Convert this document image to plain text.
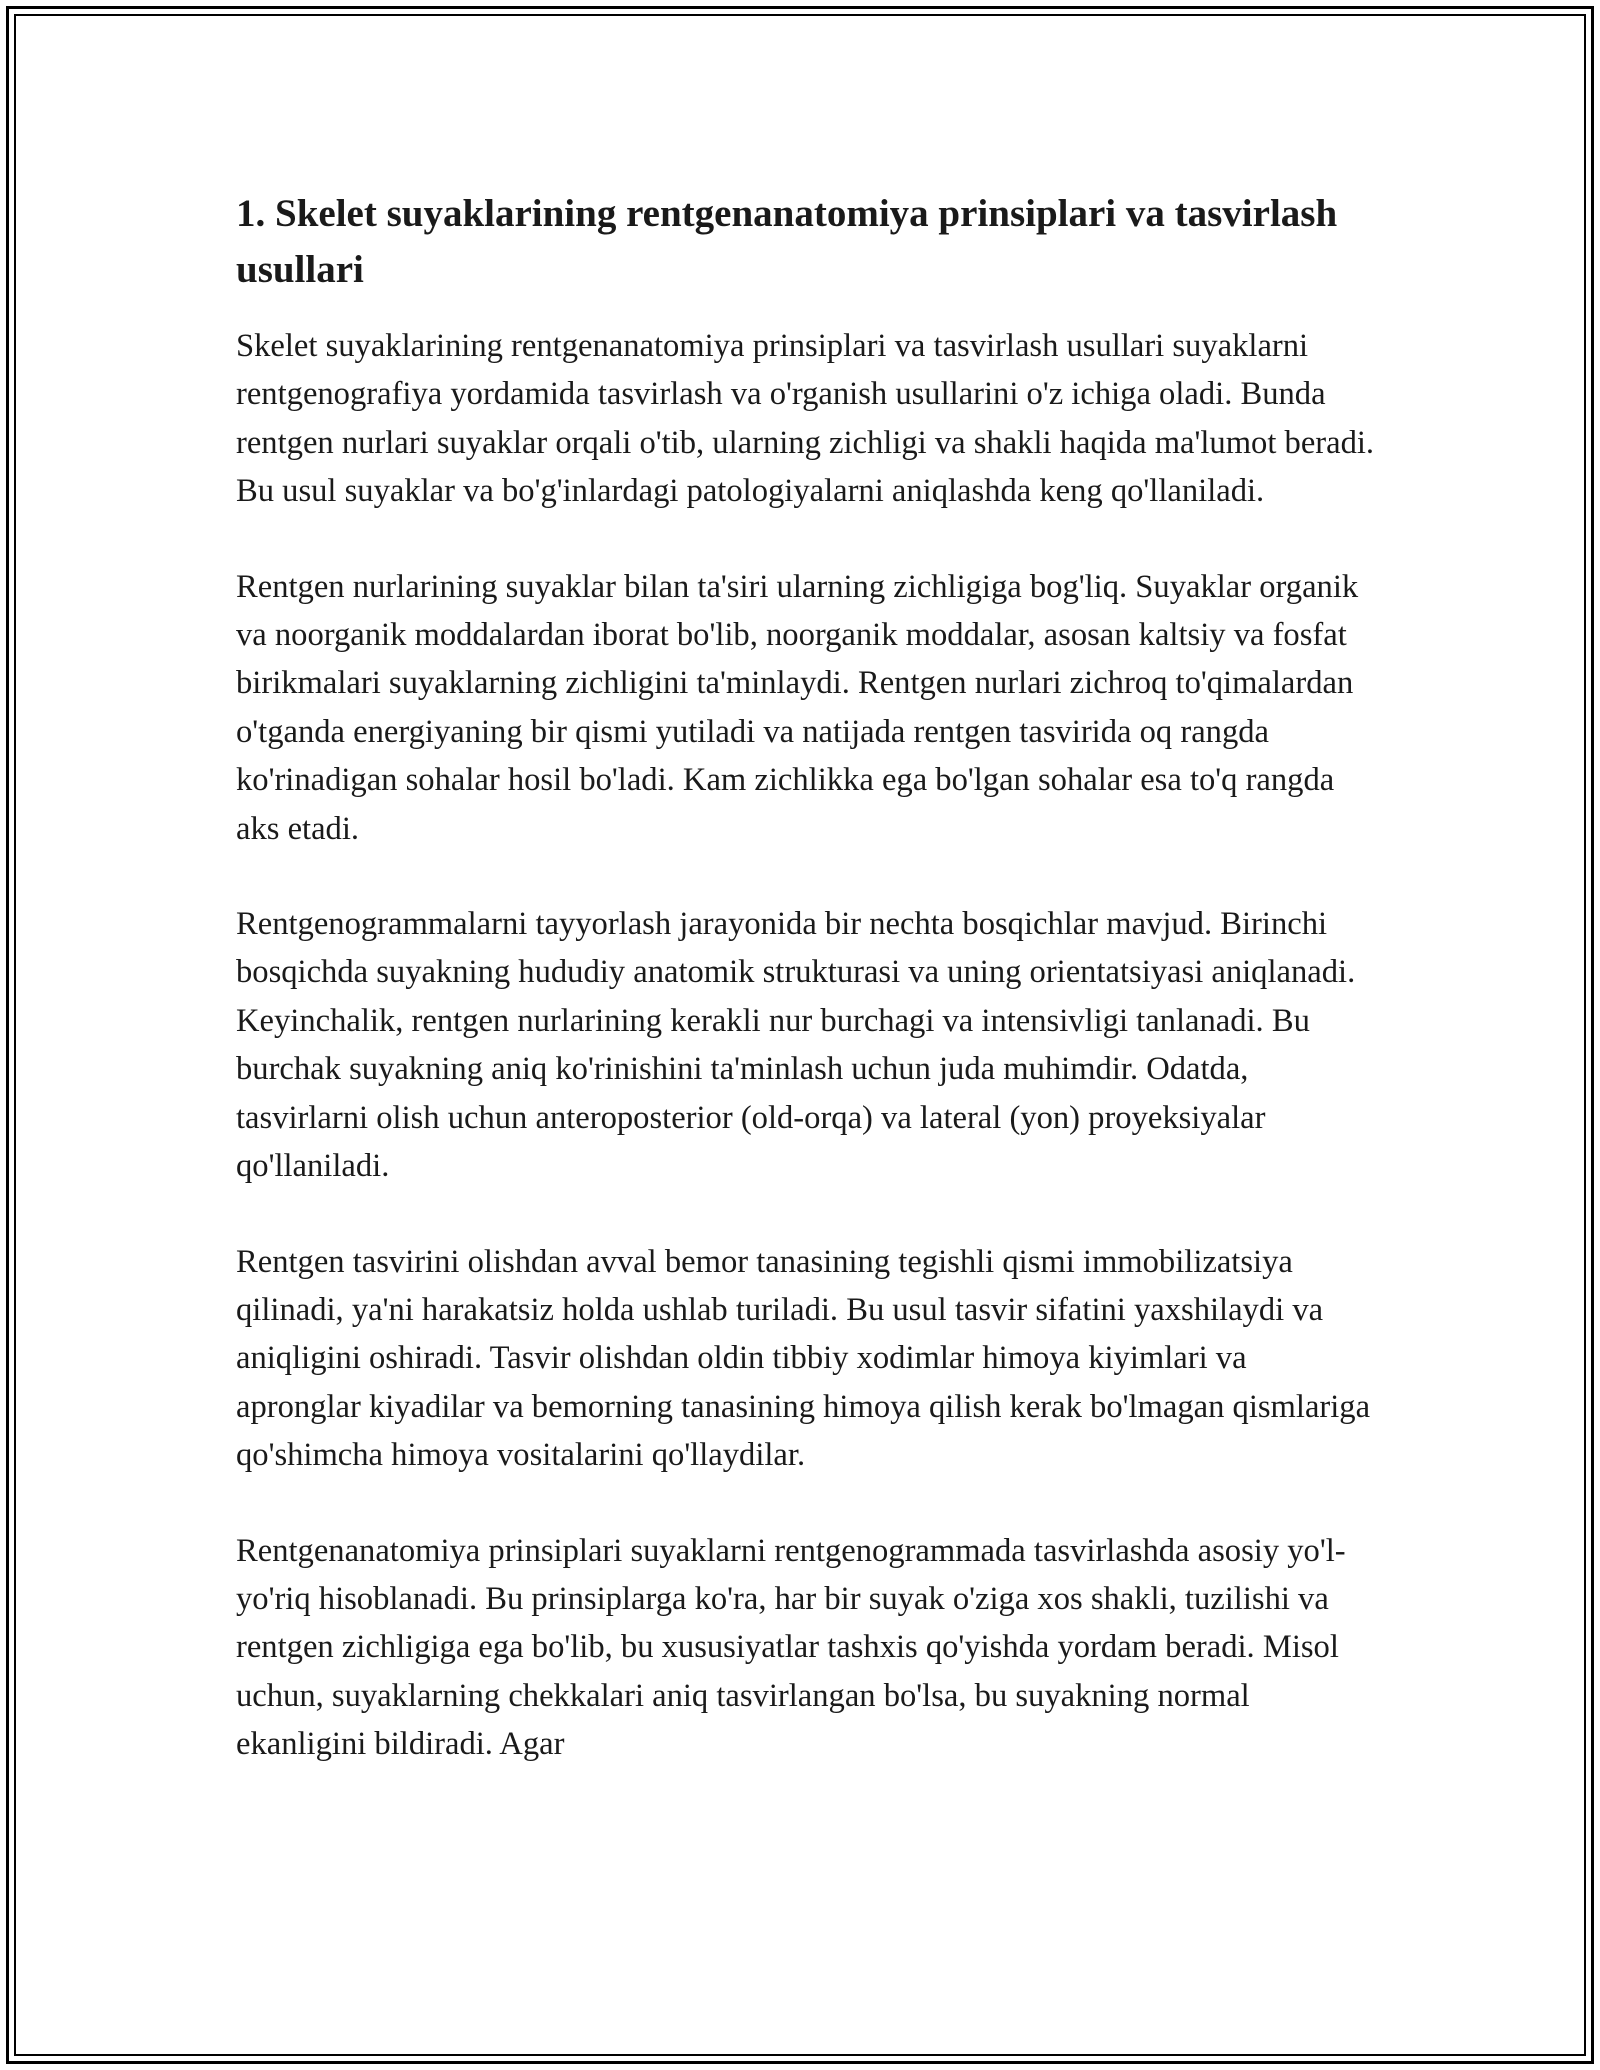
1. Skelet suyaklarining rentgenanatomiya prinsiplari va tasvirlash usullari

Skelet suyaklarining rentgenanatomiya prinsiplari va tasvirlash usullari suyaklarni rentgenografiya yordamida tasvirlash va o'rganish usullarini o'z ichiga oladi. Bunda rentgen nurlari suyaklar orqali o'tib, ularning zichligi va shakli haqida ma'lumot beradi. Bu usul suyaklar va bo'g'inlardagi patologiyalarni aniqlashda keng qo'llaniladi.

Rentgen nurlarining suyaklar bilan ta'siri ularning zichligiga bog'liq. Suyaklar organik va noorganik moddalardan iborat bo'lib, noorganik moddalar, asosan kaltsiy va fosfat birikmalari suyaklarning zichligini ta'minlaydi. Rentgen nurlari zichroq to'qimalardan o'tganda energiyaning bir qismi yutiladi va natijada rentgen tasvirida oq rangda ko'rinadigan sohalar hosil bo'ladi. Kam zichlikka ega bo'lgan sohalar esa to'q rangda aks etadi.

Rentgenogrammalarni tayyorlash jarayonida bir nechta bosqichlar mavjud. Birinchi bosqichda suyakning hududiy anatomik strukturasi va uning orientatsiyasi aniqlanadi. Keyinchalik, rentgen nurlarining kerakli nur burchagi va intensivligi tanlanadi. Bu burchak suyakning aniq ko'rinishini ta'minlash uchun juda muhimdir. Odatda, tasvirlarni olish uchun anteroposterior (old-orqa) va lateral (yon) proyeksiyalar qo'llaniladi.

Rentgen tasvirini olishdan avval bemor tanasining tegishli qismi immobilizatsiya qilinadi, ya'ni harakatsiz holda ushlab turiladi. Bu usul tasvir sifatini yaxshilaydi va aniqligini oshiradi. Tasvir olishdan oldin tibbiy xodimlar himoya kiyimlari va apronglar kiyadilar va bemorning tanasining himoya qilish kerak bo'lmagan qismlariga qo'shimcha himoya vositalarini qo'llaydilar.

Rentgenanatomiya prinsiplari suyaklarni rentgenogrammada tasvirlashda asosiy yo'l-yo'riq hisoblanadi. Bu prinsiplarga ko'ra, har bir suyak o'ziga xos shakli, tuzilishi va rentgen zichligiga ega bo'lib, bu xususiyatlar tashxis qo'yishda yordam beradi. Misol uchun, suyaklarning chekkalari aniq tasvirlangan bo'lsa, bu suyakning normal ekanligini bildiradi. Agar
